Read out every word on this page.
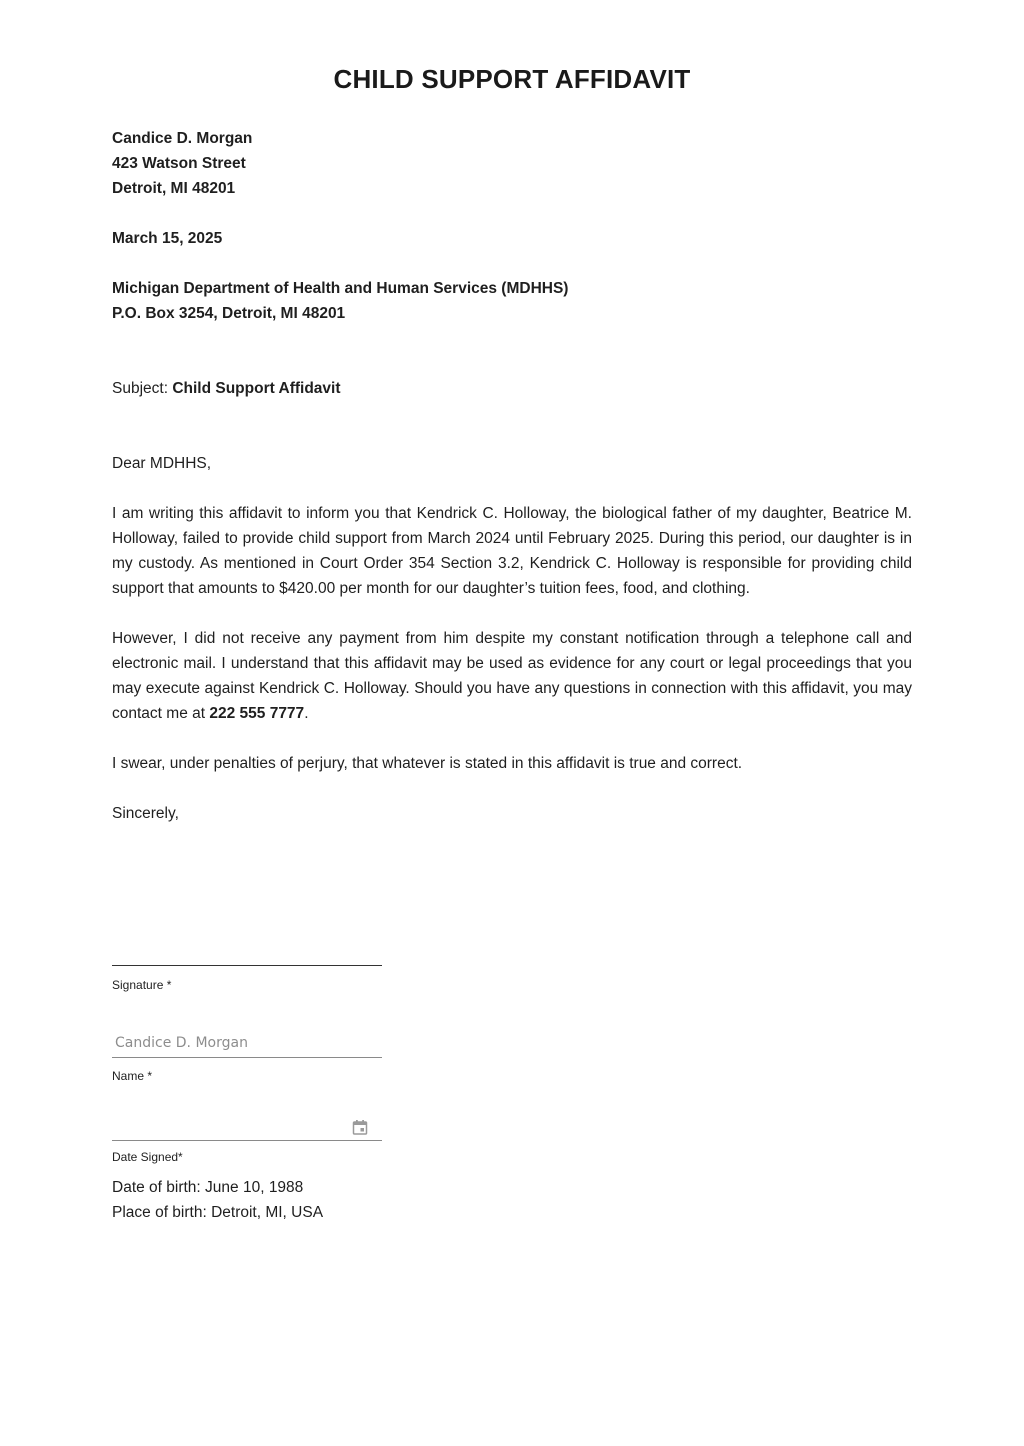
CHILD SUPPORT AFFIDAVIT
Candice D. Morgan
423 Watson Street
Detroit, MI 48201
March 15, 2025
Michigan Department of Health and Human Services (MDHHS)
P.O. Box 3254, Detroit, MI 48201
Subject: Child Support Affidavit
Dear MDHHS,
I am writing this affidavit to inform you that Kendrick C. Holloway, the biological father of my daughter, Beatrice M. Holloway, failed to provide child support from March 2024 until February 2025. During this period, our daughter is in my custody. As mentioned in Court Order 354 Section 3.2, Kendrick C. Holloway is responsible for providing child support that amounts to $420.00 per month for our daughter’s tuition fees, food, and clothing.
However, I did not receive any payment from him despite my constant notification through a telephone call and electronic mail. I understand that this affidavit may be used as evidence for any court or legal proceedings that you may execute against Kendrick C. Holloway. Should you have any questions in connection with this affidavit, you may contact me at 222 555 7777.
I swear, under penalties of perjury, that whatever is stated in this affidavit is true and correct.
Sincerely,
Signature *
Candice D. Morgan
Name *
Date Signed*
Date of birth: June 10, 1988
Place of birth: Detroit, MI, USA
